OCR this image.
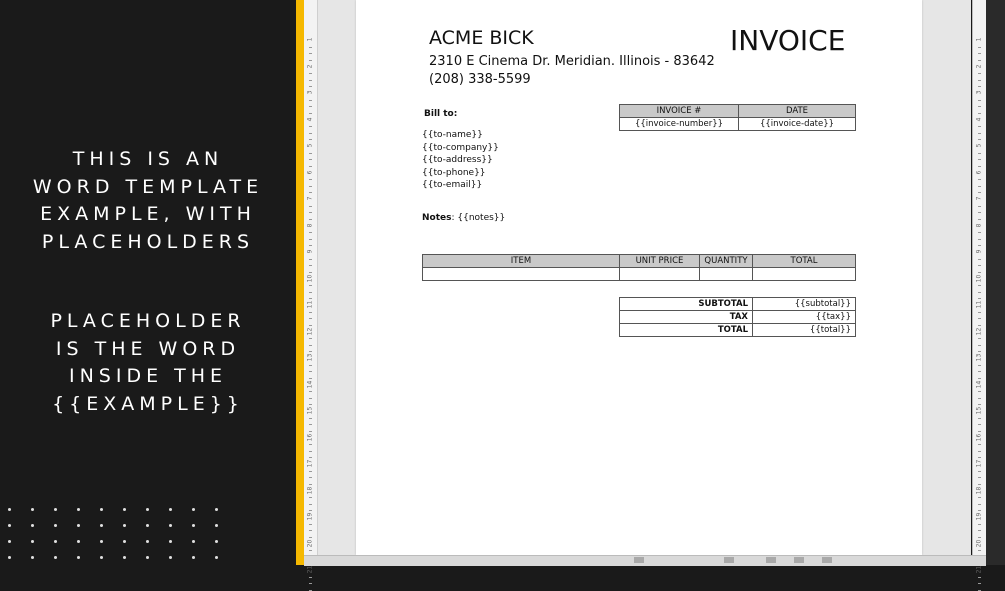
THIS IS AN
WORD TEMPLATE
EXAMPLE, WITH
PLACEHOLDERS
PLACEHOLDER
IS THE WORD
INSIDE THE
{{EXAMPLE}}
1
2
3
4
5
6
7
8
9
10
11
12
13
14
15
16
17
18
19
20
21
ACME BICK
2310 E Cinema Dr. Meridian. Illinois - 83642
(208) 338-5599
INVOICE
Bill to:
{{to-name}}
{{to-company}}
{{to-address}}
{{to-phone}}
{{to-email}}
Notes: {{notes}}
INVOICE #	DATE
{{invoice-number}}	{{invoice-date}}
ITEM	UNIT PRICE	QUANTITY	TOTAL

SUBTOTAL	{{subtotal}}
TAX	{{tax}}
TOTAL	{{total}}
1
2
3
4
5
6
7
8
9
10
11
12
13
14
15
16
17
18
19
20
21
